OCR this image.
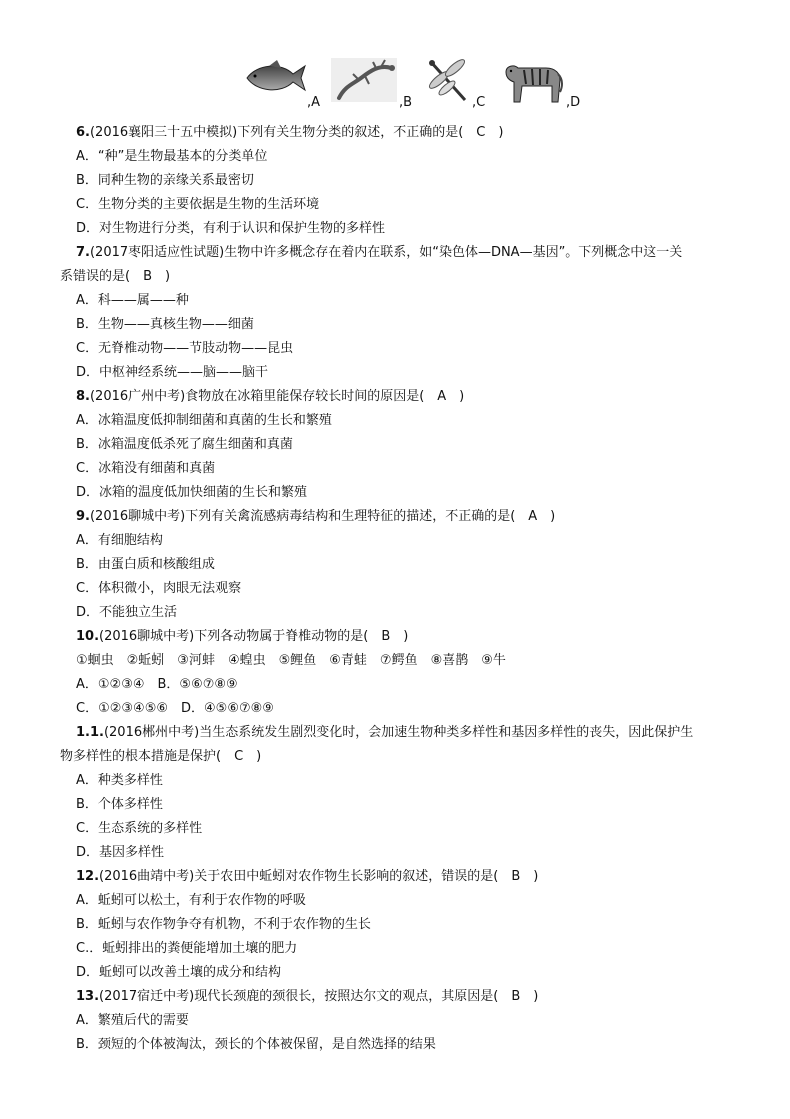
,A	,B	,C	,D
6.(2016襄阳三十五中模拟)下列有关生物分类的叙述，不正确的是(　C　)
A．“种”是生物最基本的分类单位
B．同种生物的亲缘关系最密切
C．生物分类的主要依据是生物的生活环境
D．对生物进行分类，有利于认识和保护生物的多样性
7.(2017枣阳适应性试题)生物中许多概念存在着内在联系，如“染色体—DNA—基因”。下列概念中这一关
系错误的是(　B　)
A．科——属——种
B．生物——真核生物——细菌
C．无脊椎动物——节肢动物——昆虫
D．中枢神经系统——脑——脑干
8.(2016广州中考)食物放在冰箱里能保存较长时间的原因是(　A　)
A．冰箱温度低抑制细菌和真菌的生长和繁殖
B．冰箱温度低杀死了腐生细菌和真菌
C．冰箱没有细菌和真菌
D．冰箱的温度低加快细菌的生长和繁殖
9.(2016聊城中考)下列有关禽流感病毒结构和生理特征的描述，不正确的是(　A　)
A．有细胞结构
B．由蛋白质和核酸组成
C．体积微小，肉眼无法观察
D．不能独立生活
10.(2016聊城中考)下列各动物属于脊椎动物的是(　B　)
①蛔虫　②蚯蚓　③河蚌　④蝗虫　⑤鲤鱼　⑥青蛙　⑦鳄鱼　⑧喜鹊　⑨牛
A．①②③④　B．⑤⑥⑦⑧⑨
C．①②③④⑤⑥　D．④⑤⑥⑦⑧⑨
1.1.(2016郴州中考)当生态系统发生剧烈变化时，会加速生物种类多样性和基因多样性的丧失，因此保护生
物多样性的根本措施是保护(　C　)
A．种类多样性
B．个体多样性
C．生态系统的多样性
D．基因多样性
12.(2016曲靖中考)关于农田中蚯蚓对农作物生长影响的叙述，错误的是(　B　)
A．蚯蚓可以松土，有利于农作物的呼吸
B．蚯蚓与农作物争夺有机物，不利于农作物的生长
C.．蚯蚓排出的粪便能增加土壤的肥力
D．蚯蚓可以改善土壤的成分和结构
13.(2017宿迁中考)现代长颈鹿的颈很长，按照达尔文的观点，其原因是(　B　)
A．繁殖后代的需要
B．颈短的个体被淘汰，颈长的个体被保留，是自然选择的结果
